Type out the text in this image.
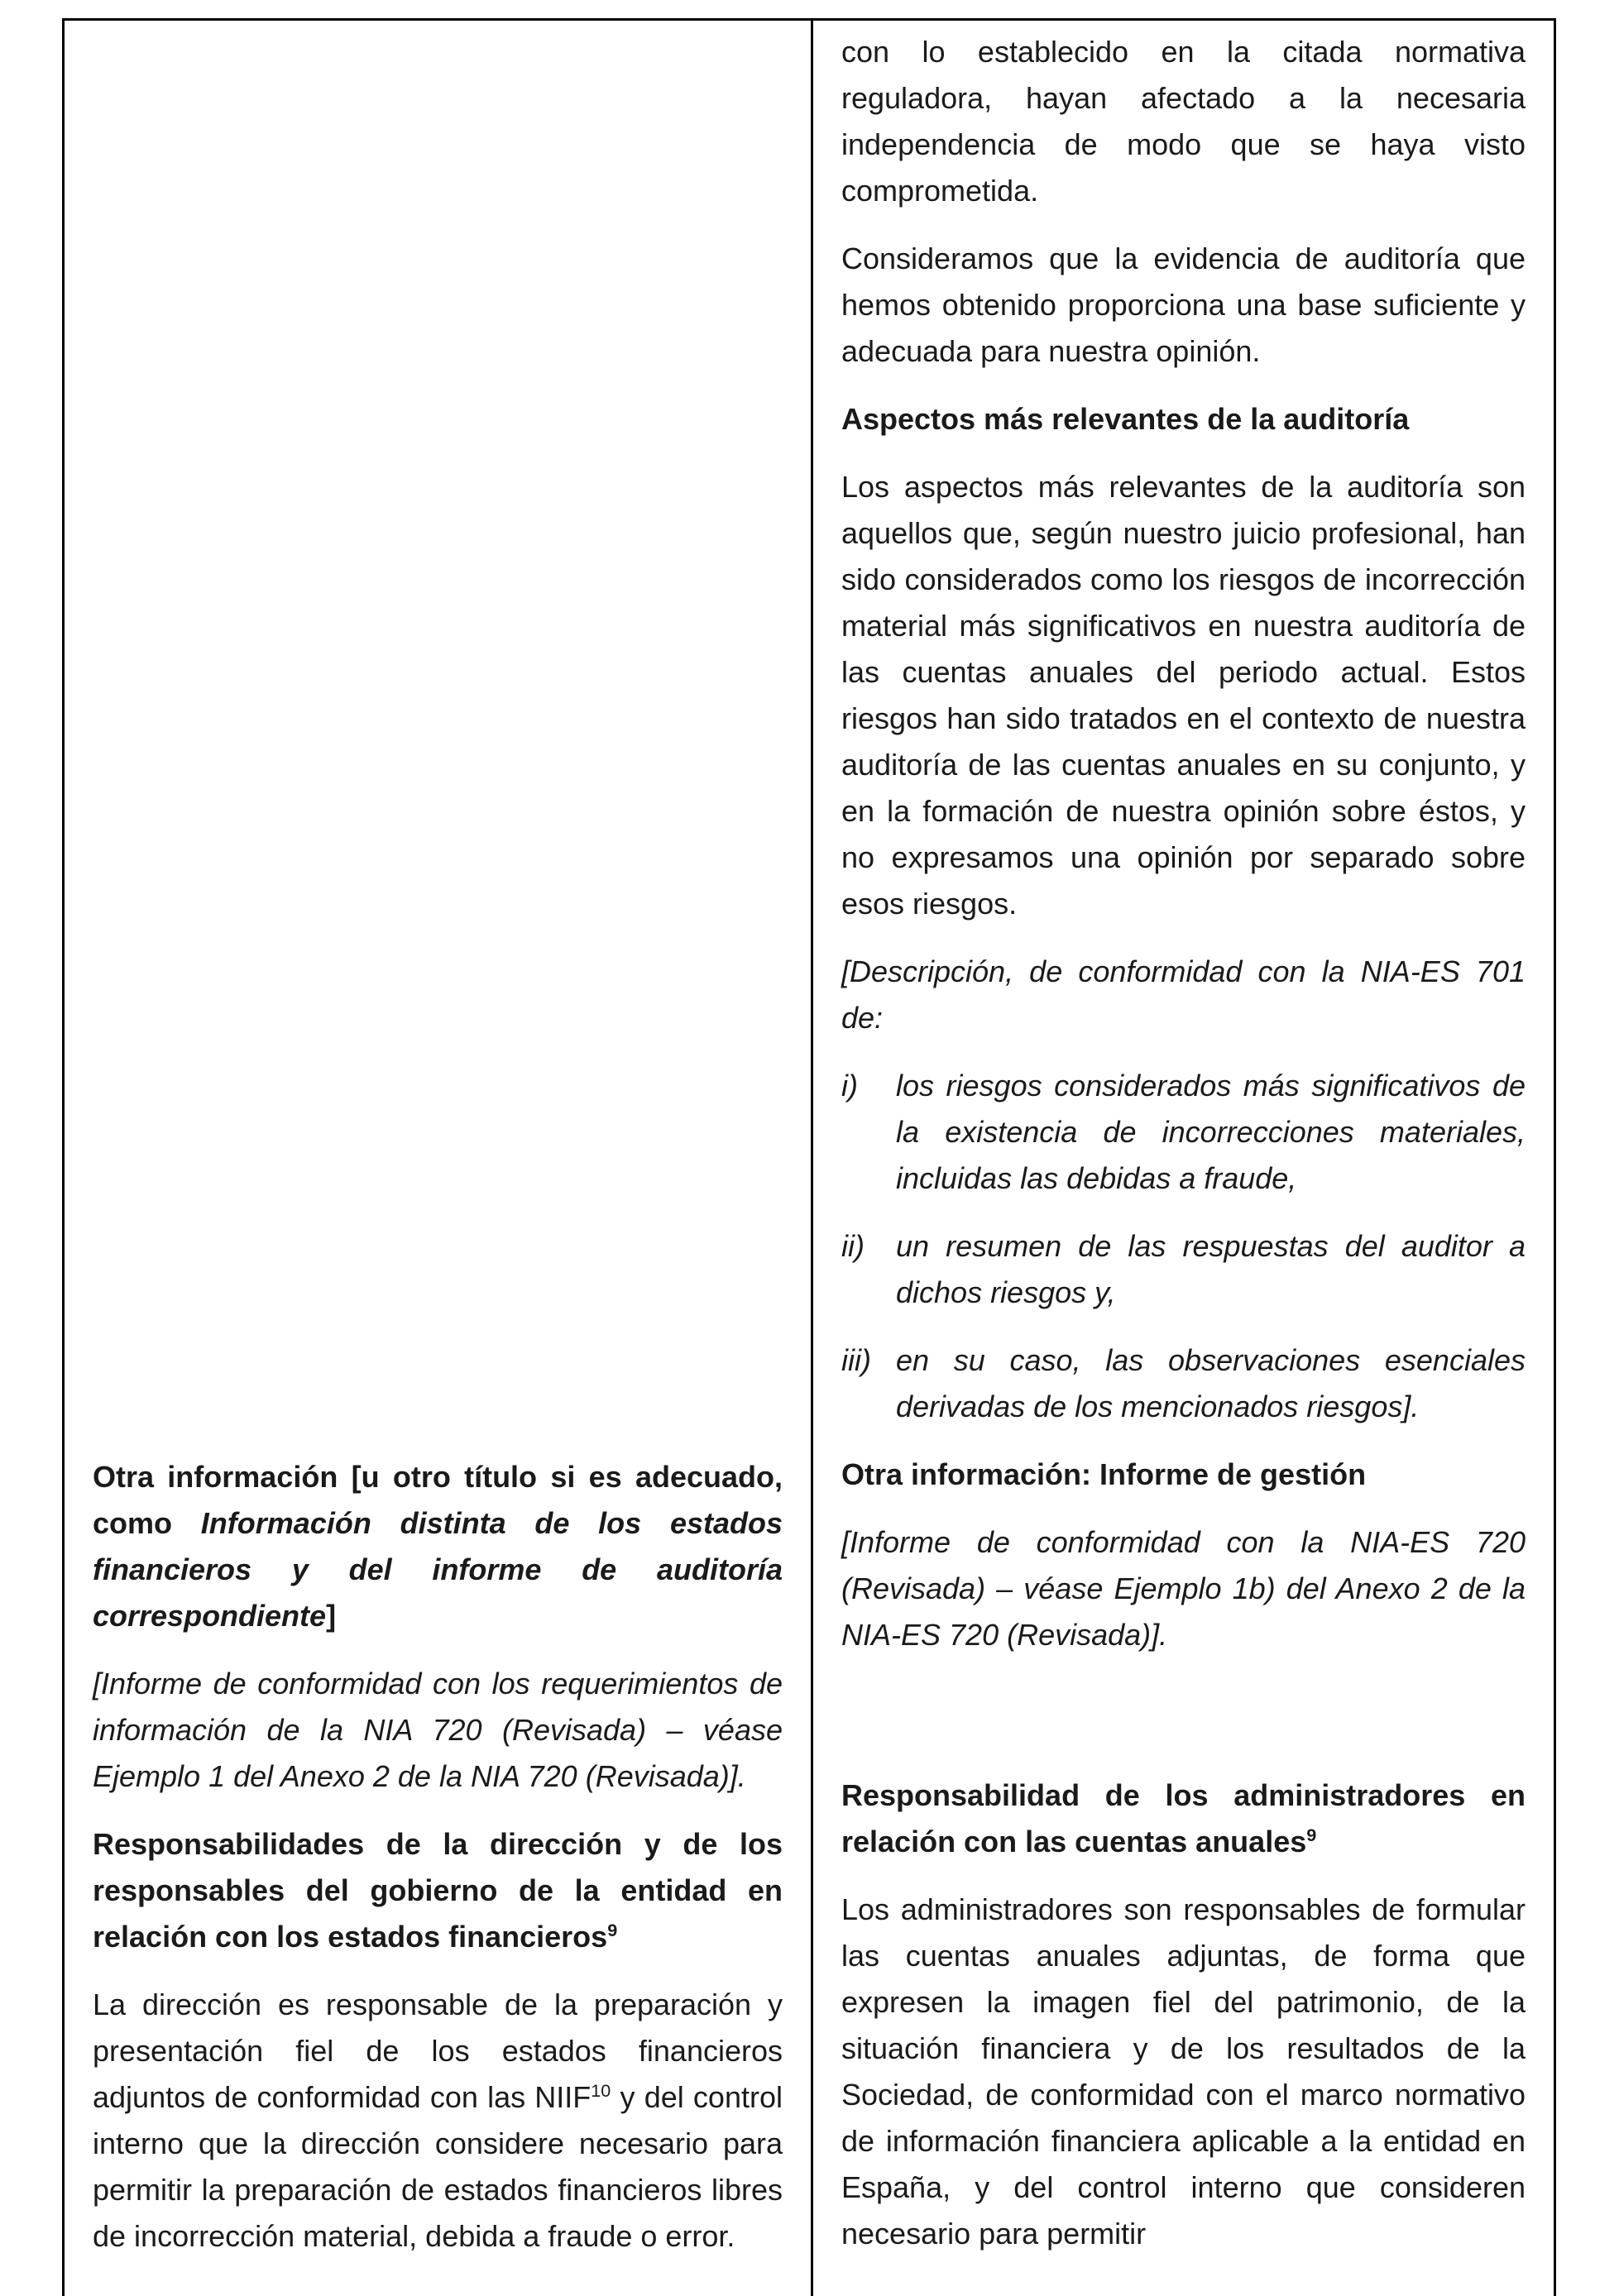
Otra información [u otro título si es adecuado, como Información distinta de los estados financieros y del informe de auditoría correspondiente]

[Informe de conformidad con los requerimientos de información de la NIA 720 (Revisada) – véase Ejemplo 1 del Anexo 2 de la NIA 720 (Revisada)].

Responsabilidades de la dirección y de los responsables del gobierno de la entidad en relación con los estados financieros$^9$

La dirección es responsable de la preparación y presentación fiel de los estados financieros adjuntos de conformidad con las NIIF$^{10}$ y del control interno que la dirección considere necesario para permitir la preparación de estados financieros libres de incorrección material, debida a fraude o error.

con lo establecido en la citada normativa reguladora, hayan afectado a la necesaria independencia de modo que se haya visto comprometida.

Consideramos que la evidencia de auditoría que hemos obtenido proporciona una base suficiente y adecuada para nuestra opinión.

Aspectos más relevantes de la auditoría

Los aspectos más relevantes de la auditoría son aquellos que, según nuestro juicio profesional, han sido considerados como los riesgos de incorrección material más significativos en nuestra auditoría de las cuentas anuales del periodo actual. Estos riesgos han sido tratados en el contexto de nuestra auditoría de las cuentas anuales en su conjunto, y en la formación de nuestra opinión sobre éstos, y no expresamos una opinión por separado sobre esos riesgos.

[Descripción, de conformidad con la NIA-ES 701 de:

i)	los riesgos considerados más significativos de la existencia de incorrecciones materiales, incluidas las debidas a fraude,
ii)	un resumen de las respuestas del auditor a dichos riesgos y,
iii) en su caso, las observaciones esenciales derivadas de los mencionados riesgos].

Otra información: Informe de gestión

[Informe de conformidad con la NIA-ES 720 (Revisada) – véase Ejemplo 1b) del Anexo 2 de la NIA-ES 720 (Revisada)].

Responsabilidad de los administradores en relación con las cuentas anuales$^9$

Los administradores son responsables de formular las cuentas anuales adjuntas, de forma que expresen la imagen fiel del patrimonio, de la situación financiera y de los resultados de la Sociedad, de conformidad con el marco normativo de información financiera aplicable a la entidad en España, y del control interno que consideren necesario para permitir
